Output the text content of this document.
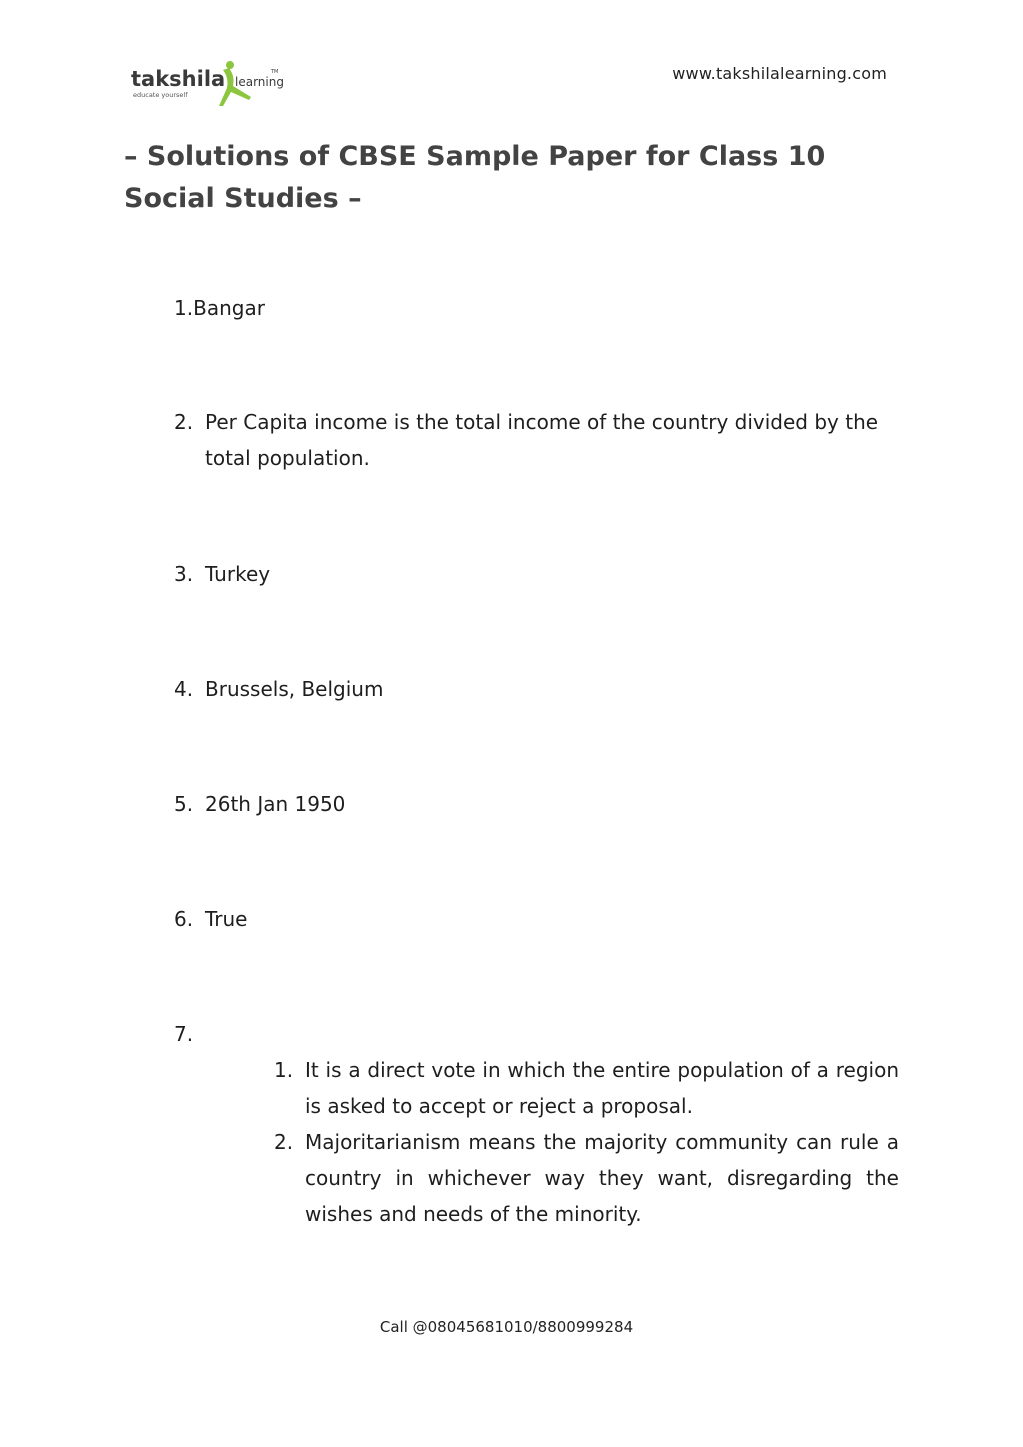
takshila
educate yourself
learning
TM	www.takshilalearning.com
– Solutions of CBSE Sample Paper for Class 10 Social Studies –
1.Bangar
2. Per Capita income is the total income of the country divided by the total population.
3. Turkey
4. Brussels, Belgium
5. 26th Jan 1950
6. True
7.
1. It is a direct vote in which the entire population of a region is asked to accept or reject a proposal.
2. Majoritarianism means the majority community can rule a country in whichever way they want, disregarding the wishes and needs of the minority.
Call @08045681010/8800999284
